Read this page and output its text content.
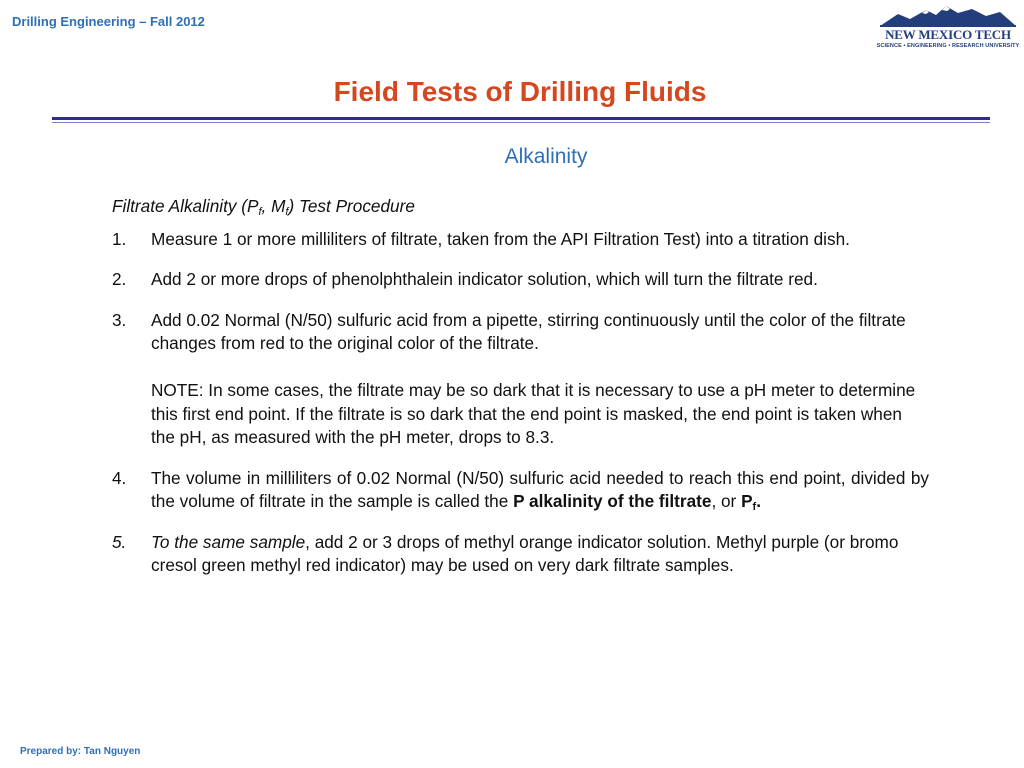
Drilling Engineering – Fall 2012
NEW MEXICO TECH
SCIENCE • ENGINEERING • RESEARCH UNIVERSITY
Field Tests of Drilling Fluids
Alkalinity
Filtrate Alkalinity ($P_f$, $M_f$) Test Procedure
1. Measure 1 or more milliliters of filtrate, taken from the API Filtration Test) into a titration dish.
2. Add 2 or more drops of phenolphthalein indicator solution, which will turn the filtrate red.
3. Add 0.02 Normal (N/50) sulfuric acid from a pipette, stirring continuously until the color of the filtrate changes from red to the original color of the filtrate.
NOTE: In some cases, the filtrate may be so dark that it is necessary to use a pH meter to determine this first end point. If the filtrate is so dark that the end point is masked, the end point is taken when the pH, as measured with the pH meter, drops to 8.3.
4. The volume in milliliters of 0.02 Normal (N/50) sulfuric acid needed to reach this end point, divided by the volume of filtrate in the sample is called the P alkalinity of the filtrate, or $P_f$.
5. To the same sample, add 2 or 3 drops of methyl orange indicator solution. Methyl purple (or bromo cresol green methyl red indicator) may be used on very dark filtrate samples.
Prepared by: Tan Nguyen
